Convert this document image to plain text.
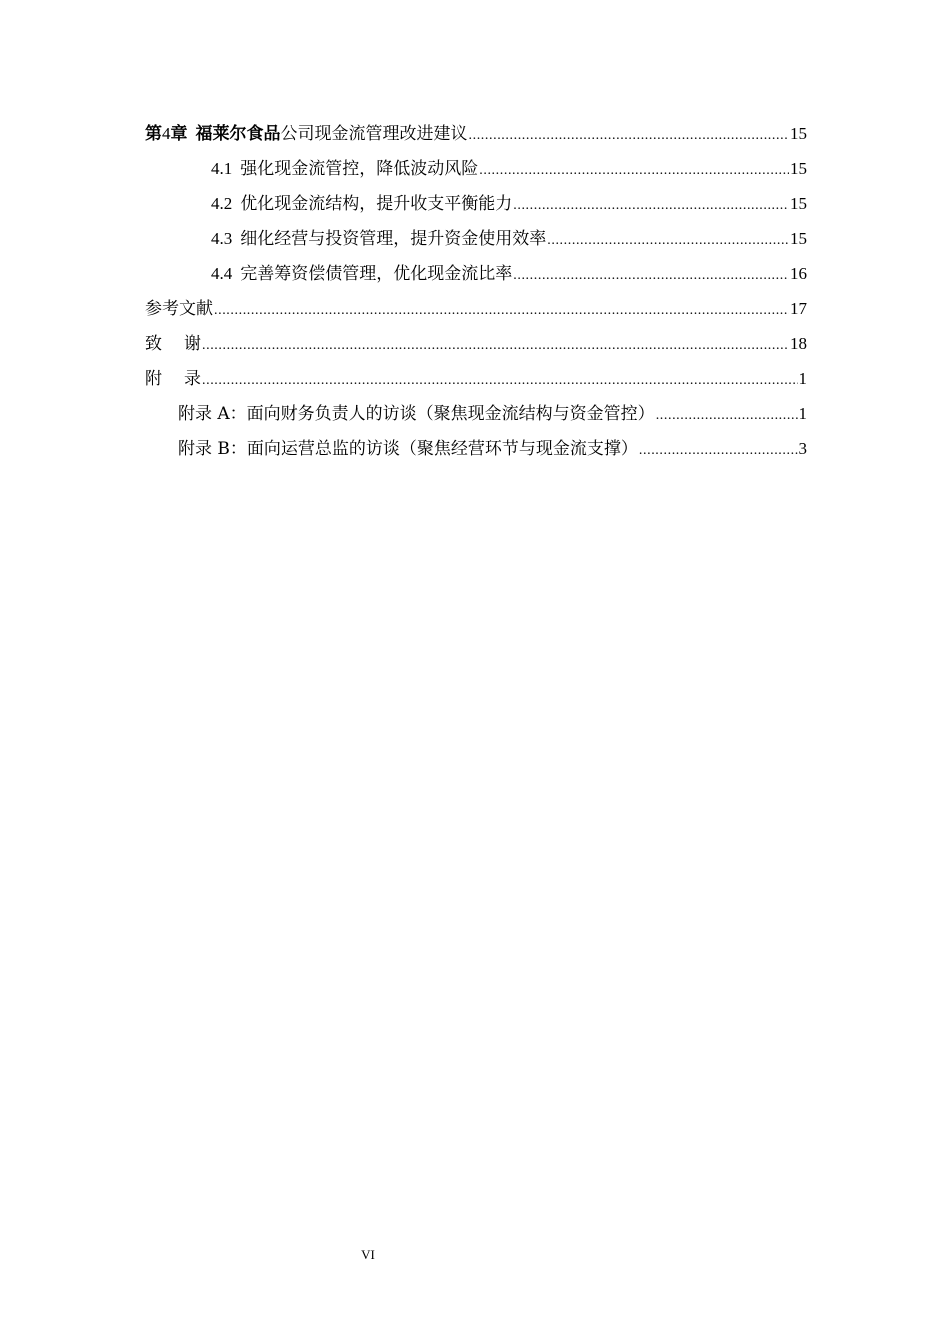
第4章 福莱尔食品公司现金流管理改进建议 .....	15
4.1 强化现金流管控，降低波动风险 .....	15
4.2 优化现金流结构，提升收支平衡能力 .....	15
4.3 细化经营与投资管理，提升资金使用效率 .....	15
4.4 完善筹资偿债管理，优化现金流比率 .....	16
参考文献 .....	17
致 谢 .....	18
附 录 .....	1
附录 A：面向财务负责人的访谈（聚焦现金流结构与资金管控） .....	1
附录 B：面向运营总监的访谈（聚焦经营环节与现金流支撑） .....	3
VI
